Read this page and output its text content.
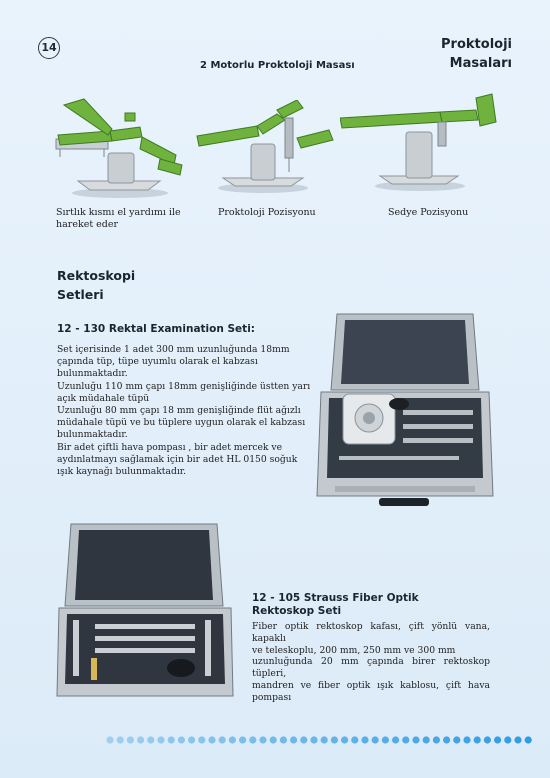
14	Proktoloji
Masaları
2 Motorlu Proktoloji Masası
Sırtlık kısmı el yardımı ile
hareket eder
Proktoloji Pozisyonu	Sedye Pozisyonu
Rektoskopi
Setleri
12 - 130 Rektal Examination Seti:

Set içerisinde 1 adet 300 mm uzunluğunda 18mm

çapında tüp, tüpe uyumlu olarak el kabzası

bulunmaktadır.

Uzunluğu 110 mm çapı 18mm genişliğinde üstten yarı

açık müdahale tüpü

Uzunluğu 80 mm çapı 18 mm genişliğinde flüt ağızlı

müdahale tüpü ve bu tüplere uygun olarak el kabzası

bulunmaktadır.

Bir adet çiftli hava pompası , bir adet mercek ve

aydınlatmayı sağlamak için bir adet HL 0150 soğuk

ışık kaynağı bulunmaktadır.

12 - 105 Strauss Fiber Optik
Rektoskop Seti
Fiber optik rektoskop kafası, çift yönlü vana, kapaklı
ve teleskoplu, 200 mm, 250 mm ve 300 mm
uzunluğunda 20 mm çapında birer rektoskop tüpleri,
mandren ve fiber optik ışık kablosu, çift hava pompası
